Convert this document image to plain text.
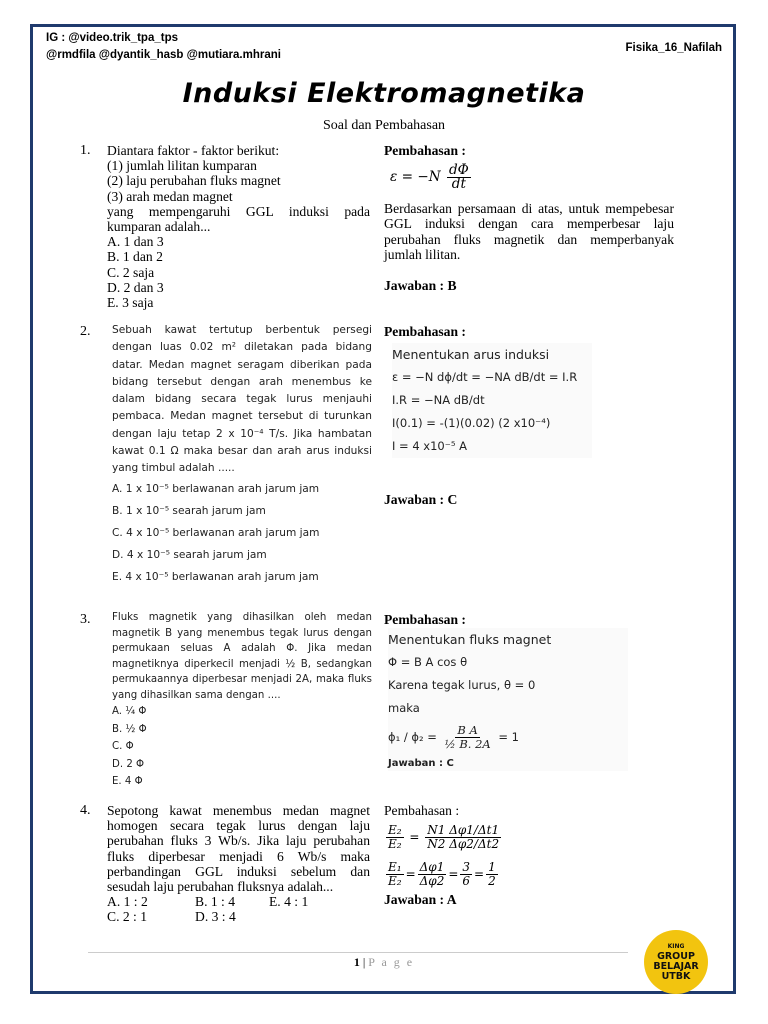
IG : @video.trik_tpa_tps
@rmdfila @dyantik_hasb @mutiara.mhrani
Fisika_16_Nafilah
Induksi Elektromagnetika
Soal dan Pembahasan
1. Diantara faktor - faktor berikut:
(1) jumlah lilitan kumparan
(2) laju perubahan fluks magnet
(3) arah medan magnet
yang mempengaruhi GGL induksi pada kumparan adalah...
A. 1 dan 3
B. 1 dan 2
C. 2 saja
D. 2 dan 3
E. 3 saja
Pembahasan :
$\varepsilon = -N \frac{d\Phi}{dt}$
Berdasarkan persamaan di atas, untuk mempebesar GGL induksi dengan cara memperbesar laju perubahan fluks magnetik dan memperbanyak jumlah lilitan.
Jawaban : B
2. Sebuah kawat tertutup berbentuk persegi dengan luas 0.02 m² diletakan pada bidang datar. Medan magnet seragam diberikan pada bidang tersebut dengan arah menembus ke dalam bidang secara tegak lurus menjauhi pembaca. Medan magnet tersebut di turunkan dengan laju tetap 2 x 10⁻⁴ T/s. Jika hambatan kawat 0.1 Ω maka besar dan arah arus induksi yang timbul adalah .....
A. 1 x 10⁻⁵ berlawanan arah jarum jam
B. 1 x 10⁻⁵ searah jarum jam
C. 4 x 10⁻⁵ berlawanan arah jarum jam
D. 4 x 10⁻⁵ searah jarum jam
E. 4 x 10⁻⁵ berlawanan arah jarum jam
Pembahasan :
Menentukan arus induksi
ε = −N dϕ/dt = −NA dB/dt = I.R
I.R = −NA dB/dt
I(0.1) = -(1)(0.02) (2 x10⁻⁴)
I = 4 x10⁻⁵ A
Jawaban : C
3. Fluks magnetik yang dihasilkan oleh medan magnetik B yang menembus tegak lurus dengan permukaan seluas A adalah Φ. Jika medan magnetiknya diperkecil menjadi ½ B, sedangkan permukaannya diperbesar menjadi 2A, maka fluks yang dihasilkan sama dengan ....
A. ¼ Φ
B. ½ Φ
C. Φ
D. 2 Φ
E. 4 Φ
Pembahasan :
Menentukan fluks magnet
Φ = B A cos θ
Karena tegak lurus, θ = 0
maka
$\phi_1 / \phi_2 = \frac{\text{B A}}{\text{½ B. 2A}} = 1$
Jawaban : C
4. Sepotong kawat menembus medan magnet homogen secara tegak lurus dengan laju perubahan fluks 3 Wb/s. Jika laju perubahan fluks diperbesar menjadi 6 Wb/s maka perbandingan GGL induksi sebelum dan sesudah laju perubahan fluksnya adalah...
A. 1 : 2	B. 1 : 4	E. 4 : 1
C. 2 : 1	D. 3 : 4
Pembahasan :
$\frac{\text{E₂}}{\text{E₂}} = \frac{N1 \Delta\varphi 1/\Delta t1}{N2 \Delta\varphi 2/\Delta t2}$
$\frac{\text{E₁}}{\text{E₂}} = \frac{\Delta\varphi 1}{\Delta\varphi 2} = \frac{3}{6} = \frac{1}{2}$
Jawaban : A
1 | P a g e
KING
GROUP
BELAJAR
UTBK
